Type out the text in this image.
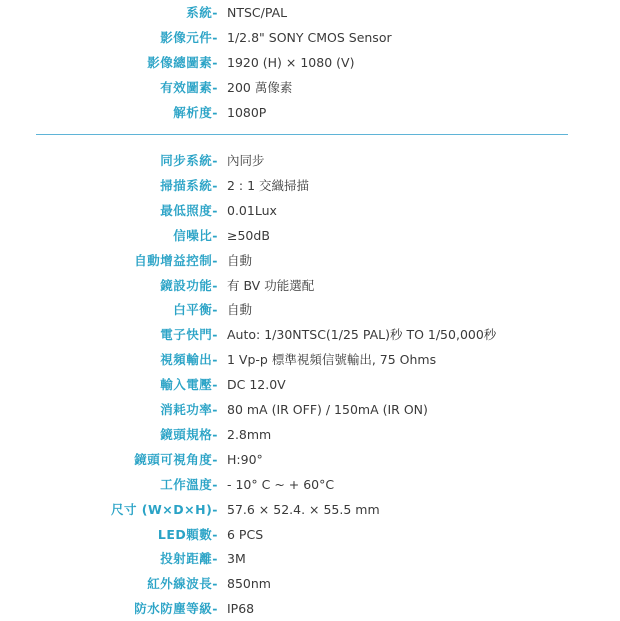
系統- NTSC/PAL
影像元件- 1/2.8" SONY CMOS Sensor
影像總圖素- 1920 (H) × 1080 (V)
有效圖素- 200 萬像素
解析度- 1080P
同步系統- 內同步
掃描系統- 2 : 1 交織掃描
最低照度- 0.01Lux
信噪比- ≥50dB
自動增益控制- 自動
鏡設功能- 有 BV 功能選配
白平衡- 自動
電子快門- Auto: 1/30NTSC(1/25 PAL)秒 TO 1/50,000秒
視頻輸出- 1 Vp-p 標準視頻信號輸出, 75 Ohms
輸入電壓- DC 12.0V
消耗功率- 80 mA (IR OFF) / 150mA (IR ON)
鏡頭規格- 2.8mm
鏡頭可視角度- H:90°
工作溫度- - 10° C ~ + 60°C
尺寸 (W×D×H)- 57.6 × 52.4. × 55.5 mm
LED顆數- 6 PCS
投射距離- 3M
紅外線波長- 850nm
防水防塵等級- IP68
